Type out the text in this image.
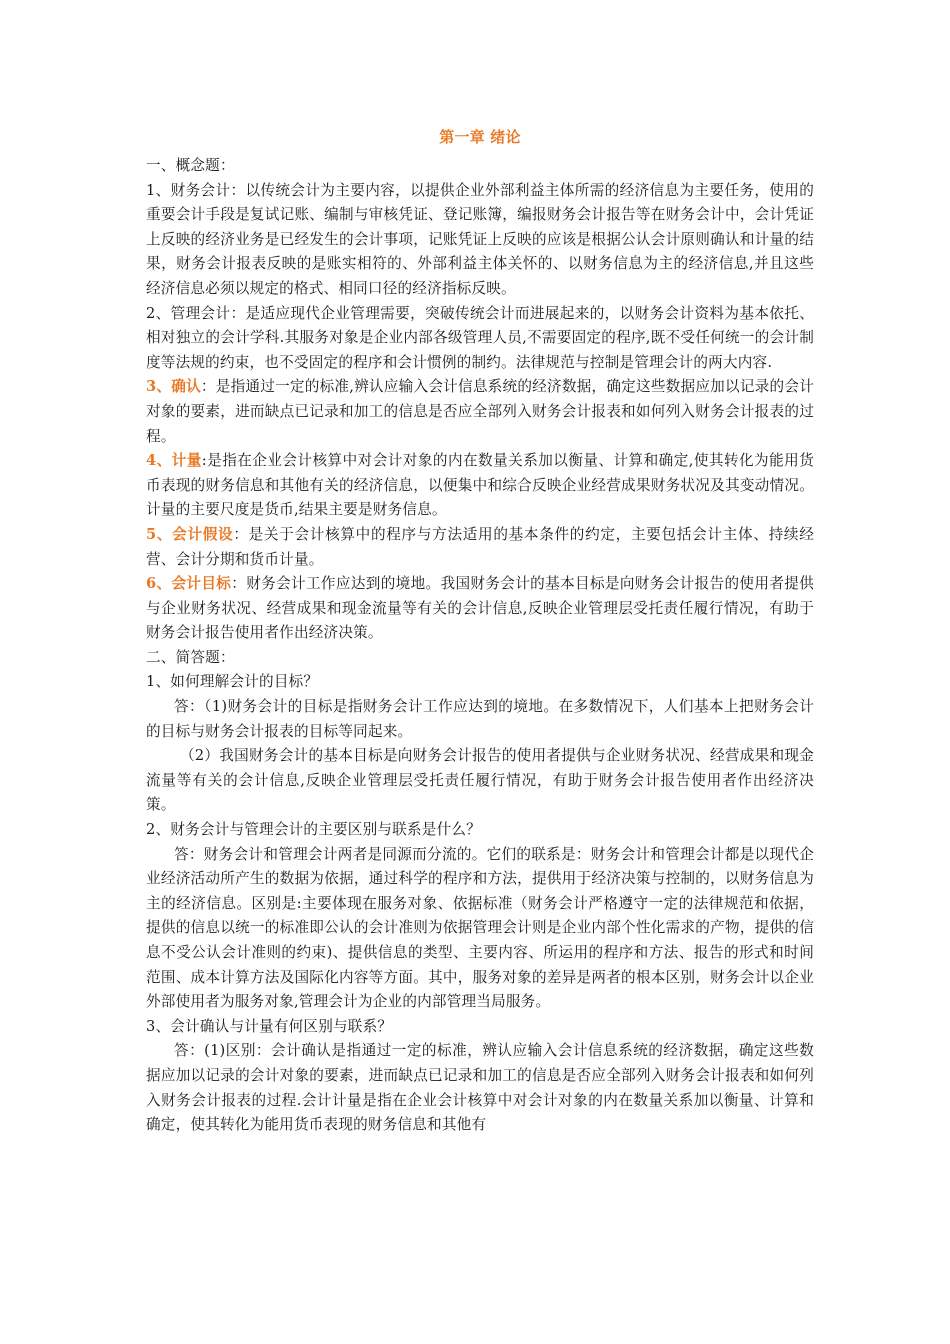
第一章 绪论

一、概念题：

1、财务会计：以传统会计为主要内容，以提供企业外部利益主体所需的经济信息为主要任务，使用的重要会计手段是复试记账、编制与审核凭证、登记账簿，编报财务会计报告等在财务会计中，会计凭证上反映的经济业务是已经发生的会计事项，记账凭证上反映的应该是根据公认会计原则确认和计量的结果，财务会计报表反映的是账实相符的、外部利益主体关怀的、以财务信息为主的经济信息,并且这些经济信息必须以规定的格式、相同口径的经济指标反映。

2、管理会计：是适应现代企业管理需要，突破传统会计而进展起来的，以财务会计资料为基本依托、相对独立的会计学科.其服务对象是企业内部各级管理人员,不需要固定的程序,既不受任何统一的会计制度等法规的约束，也不受固定的程序和会计惯例的制约。法律规范与控制是管理会计的两大内容.

3、确认：是指通过一定的标准,辨认应输入会计信息系统的经济数据，确定这些数据应加以记录的会计对象的要素，进而缺点已记录和加工的信息是否应全部列入财务会计报表和如何列入财务会计报表的过程。

4、计量:是指在企业会计核算中对会计对象的内在数量关系加以衡量、计算和确定,使其转化为能用货币表现的财务信息和其他有关的经济信息，以便集中和综合反映企业经营成果财务状况及其变动情况。计量的主要尺度是货币,结果主要是财务信息。

5、会计假设：是关于会计核算中的程序与方法适用的基本条件的约定，主要包括会计主体、持续经营、会计分期和货币计量。

6、会计目标：财务会计工作应达到的境地。我国财务会计的基本目标是向财务会计报告的使用者提供与企业财务状况、经营成果和现金流量等有关的会计信息,反映企业管理层受托责任履行情况，有助于财务会计报告使用者作出经济决策。

二、简答题：

1、如何理解会计的目标？

答：（1)财务会计的目标是指财务会计工作应达到的境地。在多数情况下，人们基本上把财务会计的目标与财务会计报表的目标等同起来。

（2）我国财务会计的基本目标是向财务会计报告的使用者提供与企业财务状况、经营成果和现金流量等有关的会计信息,反映企业管理层受托责任履行情况，有助于财务会计报告使用者作出经济决策。

2、财务会计与管理会计的主要区别与联系是什么？

答：财务会计和管理会计两者是同源而分流的。它们的联系是：财务会计和管理会计都是以现代企业经济活动所产生的数据为依据，通过科学的程序和方法，提供用于经济决策与控制的，以财务信息为主的经济信息。区别是:主要体现在服务对象、依据标准（财务会计严格遵守一定的法律规范和依据，提供的信息以统一的标准即公认的会计准则为依据管理会计则是企业内部个性化需求的产物，提供的信息不受公认会计准则的约束)、提供信息的类型、主要内容、所运用的程序和方法、报告的形式和时间范围、成本计算方法及国际化内容等方面。其中，服务对象的差异是两者的根本区别，财务会计以企业外部使用者为服务对象,管理会计为企业的内部管理当局服务。

3、会计确认与计量有何区别与联系？

答：(1)区别：会计确认是指通过一定的标准，辨认应输入会计信息系统的经济数据，确定这些数据应加以记录的会计对象的要素，进而缺点已记录和加工的信息是否应全部列入财务会计报表和如何列入财务会计报表的过程.会计计量是指在企业会计核算中对会计对象的内在数量关系加以衡量、计算和确定，使其转化为能用货币表现的财务信息和其他有
